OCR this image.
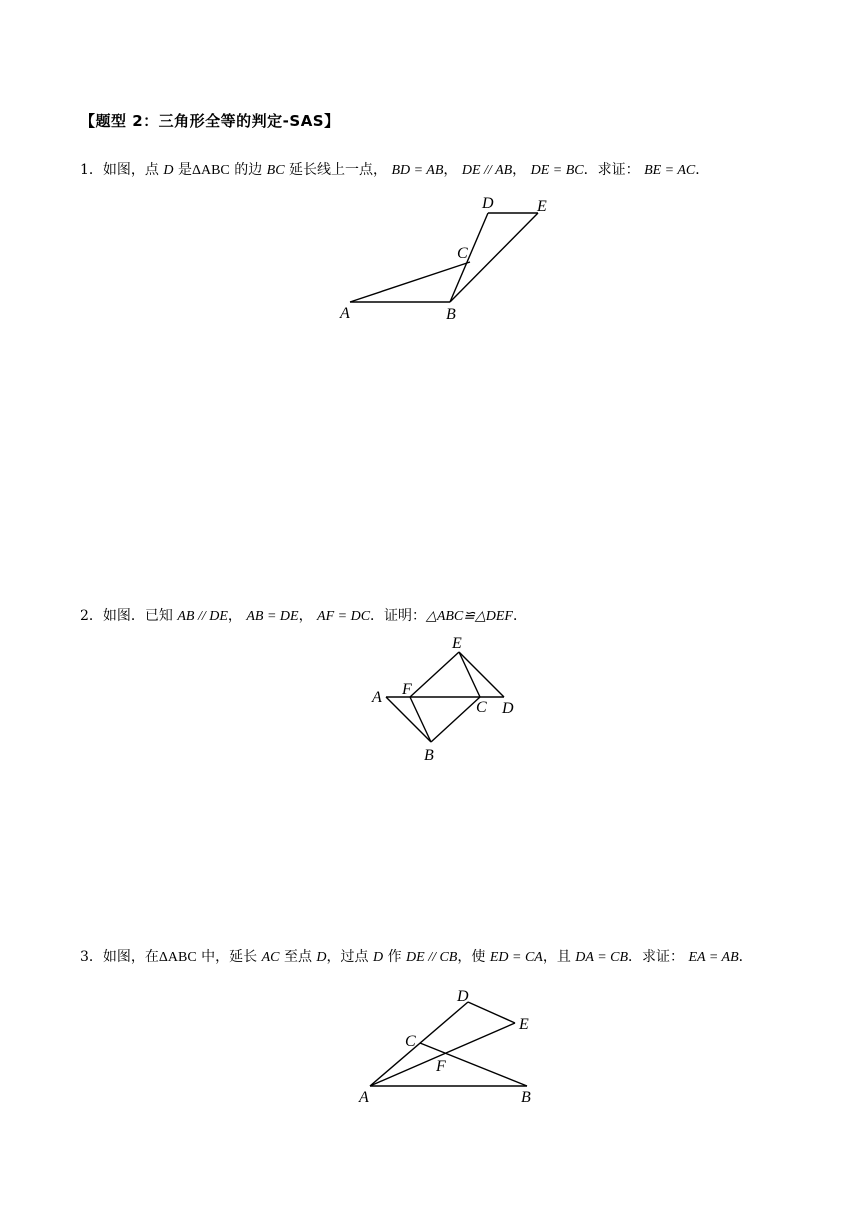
【题型 2：三角形全等的判定-SAS】
1．如图，点 D 是ΔABC 的边 BC 延长线上一点， BD = AB， DE // AB， DE = BC．求证： BE = AC．
A	B
C
D	E
2．如图．已知 AB // DE， AB = DE， AF = DC．证明：△ABC≌△DEF．
A
B
C D
E
F
3．如图，在ΔABC 中，延长 AC 至点 D，过点 D 作 DE // CB，使 ED = CA，且 DA = CB．求证： EA = AB．
A	B
C
D
E
F
